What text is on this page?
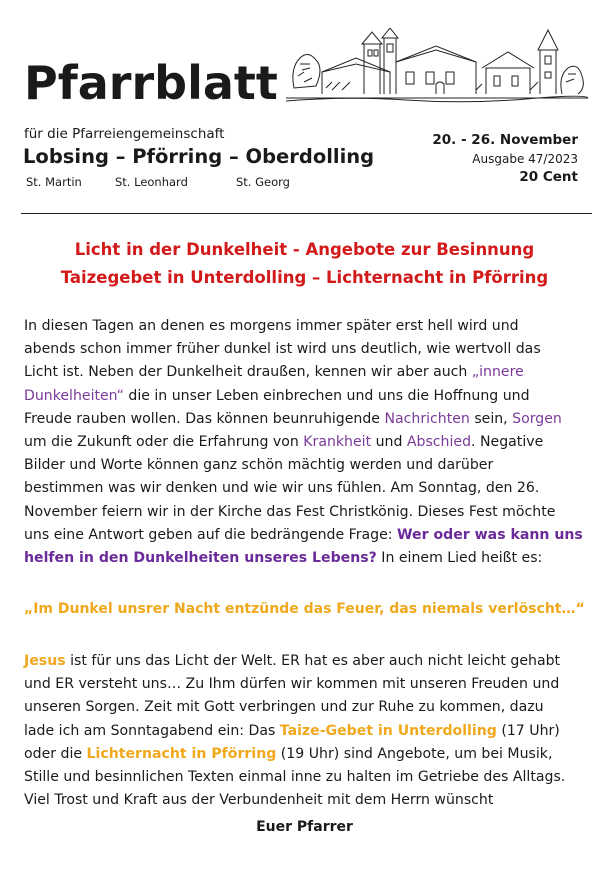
Pfarrblatt
für die Pfarreiengemeinschaft
Lobsing – Pförring – Oberdolling
St. Martin	St. Leonhard	St. Georg
20. - 26. November
Ausgabe 47/2023
20 Cent
Licht in der Dunkelheit - Angebote zur Besinnung
Taizegebet in Unterdolling – Lichternacht in Pförring
In diesen Tagen an denen es morgens immer später erst hell wird und
abends schon immer früher dunkel ist wird uns deutlich, wie wertvoll das
Licht ist. Neben der Dunkelheit draußen, kennen wir aber auch „innere
Dunkelheiten“ die in unser Leben einbrechen und uns die Hoffnung und
Freude rauben wollen. Das können beunruhigende Nachrichten sein, Sorgen
um die Zukunft oder die Erfahrung von Krankheit und Abschied. Negative
Bilder und Worte können ganz schön mächtig werden und darüber
bestimmen was wir denken und wie wir uns fühlen. Am Sonntag, den 26.
November feiern wir in der Kirche das Fest Christkönig. Dieses Fest möchte
uns eine Antwort geben auf die bedrängende Frage: Wer oder was kann uns
helfen in den Dunkelheiten unseres Lebens? In einem Lied heißt es:
„Im Dunkel unsrer Nacht entzünde das Feuer, das niemals verlöscht…“
Jesus ist für uns das Licht der Welt. ER hat es aber auch nicht leicht gehabt
und ER versteht uns… Zu Ihm dürfen wir kommen mit unseren Freuden und
unseren Sorgen. Zeit mit Gott verbringen und zur Ruhe zu kommen, dazu
lade ich am Sonntagabend ein: Das Taize-Gebet in Unterdolling (17 Uhr)
oder die Lichternacht in Pförring (19 Uhr) sind Angebote, um bei Musik,
Stille und besinnlichen Texten einmal inne zu halten im Getriebe des Alltags.
Viel Trost und Kraft aus der Verbundenheit mit dem Herrn wünscht
Euer Pfarrer
